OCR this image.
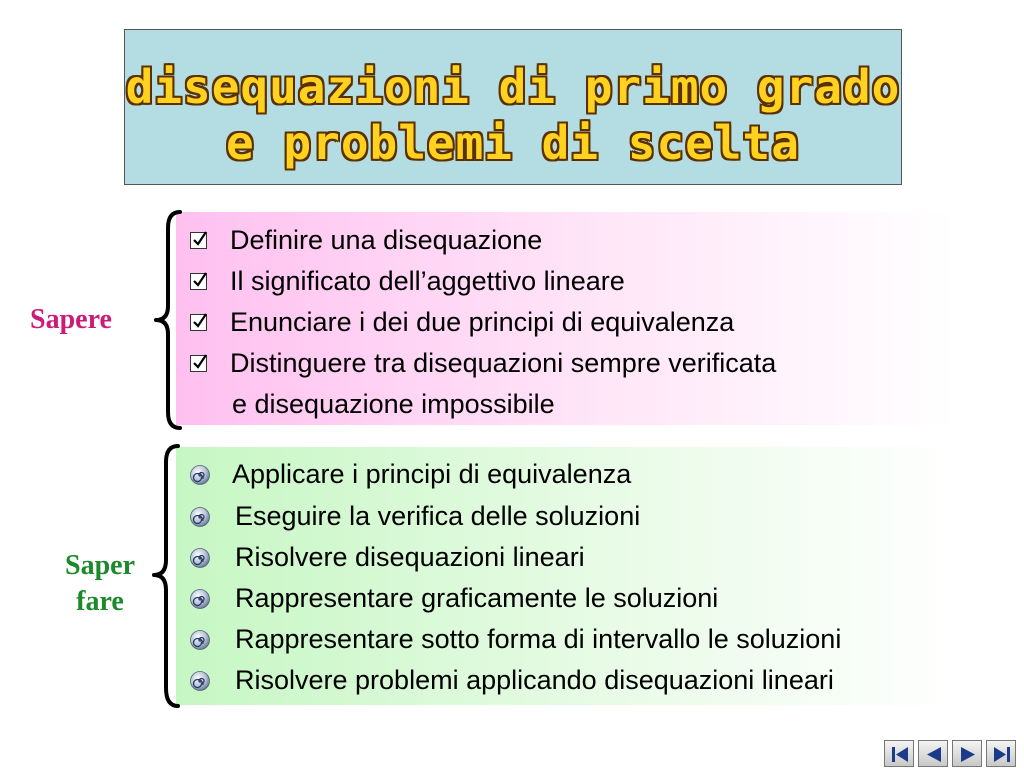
disequazioni di primo grado
e problemi di scelta
Sapere
Definire una disequazione
Il significato dell’aggettivo lineare
Enunciare i dei due principi di equivalenza
Distinguere tra disequazioni sempre verificata
e disequazione impossibile
Saper
fare
Applicare i principi di equivalenza
Eseguire la verifica delle soluzioni
Risolvere disequazioni lineari
Rappresentare graficamente le soluzioni
Rappresentare sotto forma di intervallo le soluzioni
Risolvere problemi applicando disequazioni lineari
